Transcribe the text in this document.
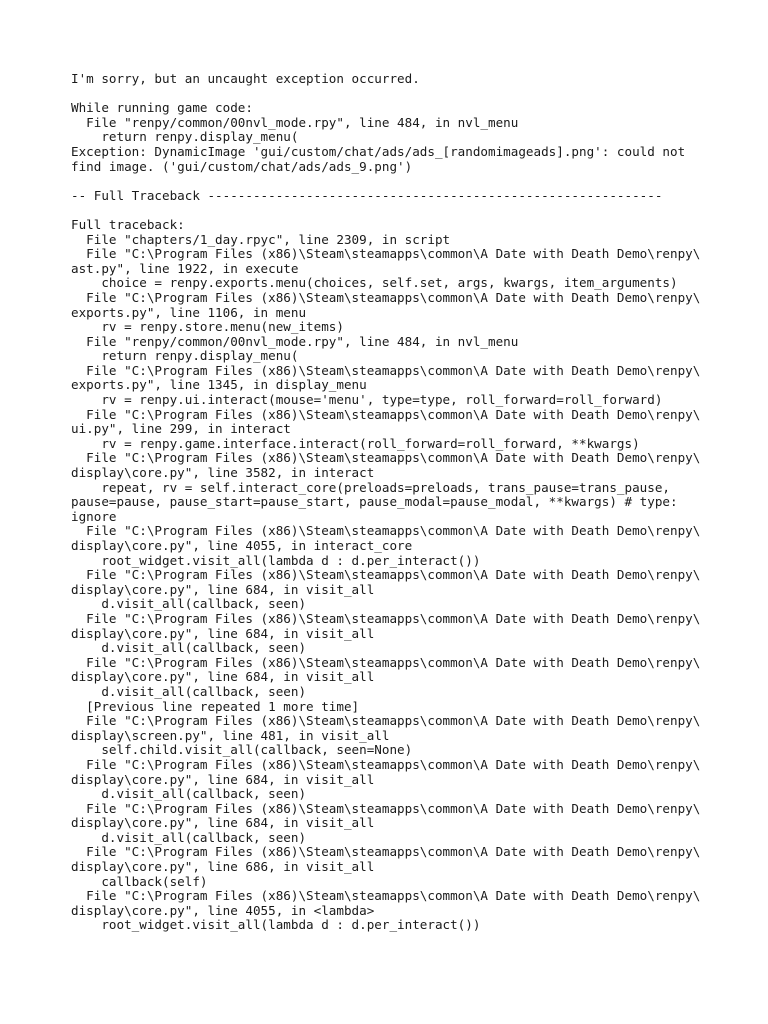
I'm sorry, but an uncaught exception occurred.
While running game code:
File "renpy/common/00nvl_mode.rpy", line 484, in nvl_menu
return renpy.display_menu(
Exception: DynamicImage 'gui/custom/chat/ads/ads_[randomimageads].png': could not
find image. ('gui/custom/chat/ads/ads_9.png')
-- Full Traceback ------------------------------------------------------------
Full traceback:
File "chapters/1_day.rpyc", line 2309, in script
File "C:\Program Files (x86)\Steam\steamapps\common\A Date with Death Demo\renpy\
ast.py", line 1922, in execute
choice = renpy.exports.menu(choices, self.set, args, kwargs, item_arguments)
File "C:\Program Files (x86)\Steam\steamapps\common\A Date with Death Demo\renpy\
exports.py", line 1106, in menu
rv = renpy.store.menu(new_items)
File "renpy/common/00nvl_mode.rpy", line 484, in nvl_menu
return renpy.display_menu(
File "C:\Program Files (x86)\Steam\steamapps\common\A Date with Death Demo\renpy\
exports.py", line 1345, in display_menu
rv = renpy.ui.interact(mouse='menu', type=type, roll_forward=roll_forward)
File "C:\Program Files (x86)\Steam\steamapps\common\A Date with Death Demo\renpy\
ui.py", line 299, in interact
rv = renpy.game.interface.interact(roll_forward=roll_forward, **kwargs)
File "C:\Program Files (x86)\Steam\steamapps\common\A Date with Death Demo\renpy\
display\core.py", line 3582, in interact
repeat, rv = self.interact_core(preloads=preloads, trans_pause=trans_pause,
pause=pause, pause_start=pause_start, pause_modal=pause_modal, **kwargs) # type:
ignore
File "C:\Program Files (x86)\Steam\steamapps\common\A Date with Death Demo\renpy\
display\core.py", line 4055, in interact_core
root_widget.visit_all(lambda d : d.per_interact())
File "C:\Program Files (x86)\Steam\steamapps\common\A Date with Death Demo\renpy\
display\core.py", line 684, in visit_all
d.visit_all(callback, seen)
File "C:\Program Files (x86)\Steam\steamapps\common\A Date with Death Demo\renpy\
display\core.py", line 684, in visit_all
d.visit_all(callback, seen)
File "C:\Program Files (x86)\Steam\steamapps\common\A Date with Death Demo\renpy\
display\core.py", line 684, in visit_all
d.visit_all(callback, seen)
[Previous line repeated 1 more time]
File "C:\Program Files (x86)\Steam\steamapps\common\A Date with Death Demo\renpy\
display\screen.py", line 481, in visit_all
self.child.visit_all(callback, seen=None)
File "C:\Program Files (x86)\Steam\steamapps\common\A Date with Death Demo\renpy\
display\core.py", line 684, in visit_all
d.visit_all(callback, seen)
File "C:\Program Files (x86)\Steam\steamapps\common\A Date with Death Demo\renpy\
display\core.py", line 684, in visit_all
d.visit_all(callback, seen)
File "C:\Program Files (x86)\Steam\steamapps\common\A Date with Death Demo\renpy\
display\core.py", line 686, in visit_all
callback(self)
File "C:\Program Files (x86)\Steam\steamapps\common\A Date with Death Demo\renpy\
display\core.py", line 4055, in <lambda>
root_widget.visit_all(lambda d : d.per_interact())
